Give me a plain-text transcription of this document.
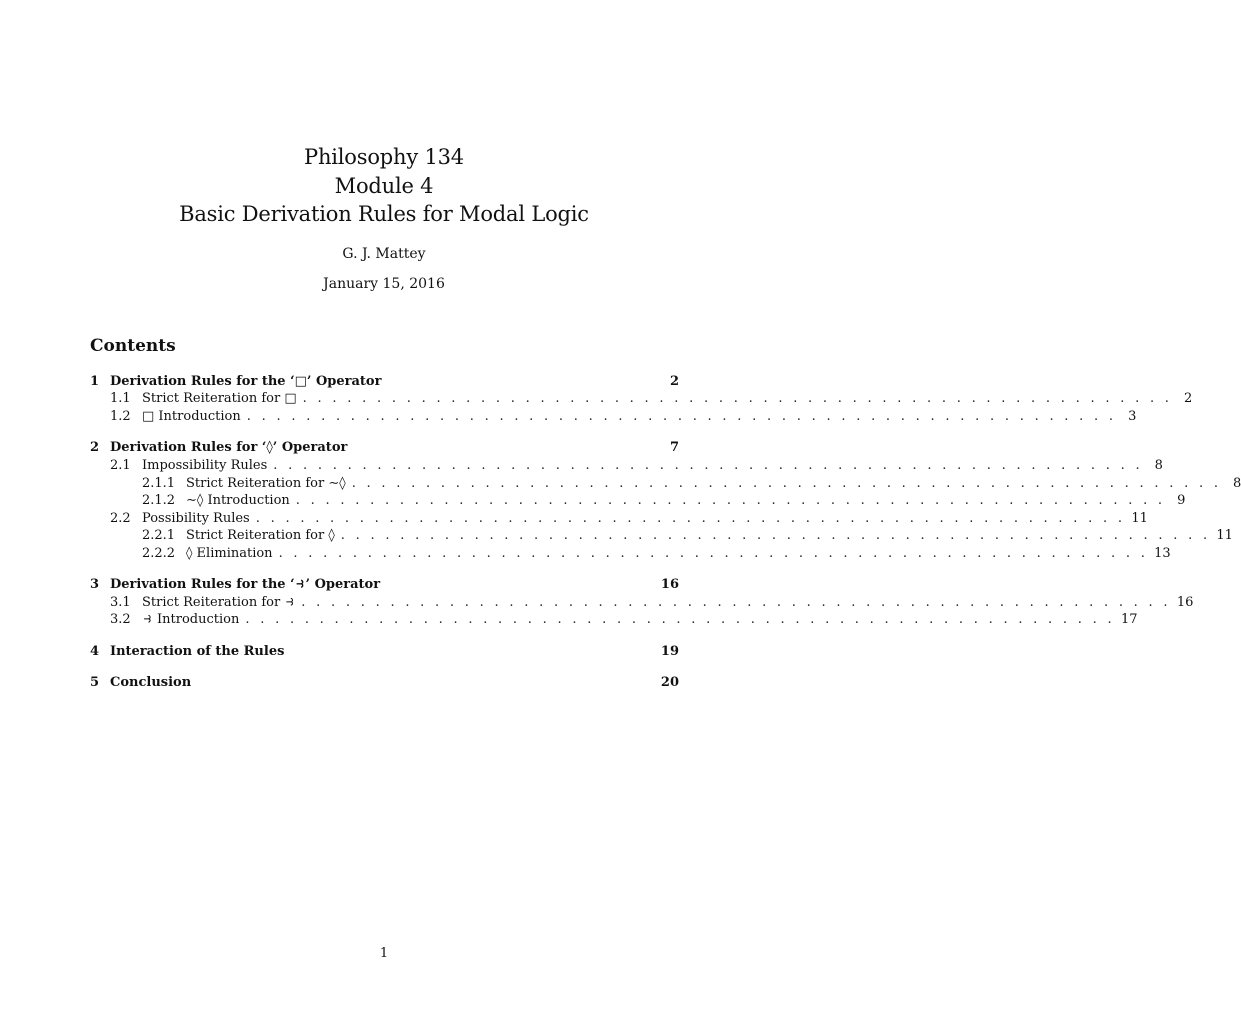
Philosophy 134
Module 4
Basic Derivation Rules for Modal Logic
G. J. Mattey
January 15, 2016
Contents
1 Derivation Rules for the ‘□’ Operator	2
1.1 Strict Reiteration for □ . . . . . . . . . . . . . . . . . . . . . . . . . . . . . . . . . . . . . . . . . . . . . . . . . . . . . . . . . . . 2
1.2 □ Introduction . . . . . . . . . . . . . . . . . . . . . . . . . . . . . . . . . . . . . . . . . . . . . . . . . . . . . . . . . . . 3
2 Derivation Rules for ‘◊’ Operator	7
2.1 Impossibility Rules . . . . . . . . . . . . . . . . . . . . . . . . . . . . . . . . . . . . . . . . . . . . . . . . . . . . . . . . . . . 8
2.1.1 Strict Reiteration for ∼◊ . . . . . . . . . . . . . . . . . . . . . . . . . . . . . . . . . . . . . . . . . . . . . . . . . . . . . . . . . . . 8
2.1.2 ∼◊ Introduction . . . . . . . . . . . . . . . . . . . . . . . . . . . . . . . . . . . . . . . . . . . . . . . . . . . . . . . . . . . 9
2.2 Possibility Rules . . . . . . . . . . . . . . . . . . . . . . . . . . . . . . . . . . . . . . . . . . . . . . . . . . . . . . . . . . . 11
2.2.1 Strict Reiteration for ◊ . . . . . . . . . . . . . . . . . . . . . . . . . . . . . . . . . . . . . . . . . . . . . . . . . . . . . . . . . . . 11
2.2.2 ◊ Elimination . . . . . . . . . . . . . . . . . . . . . . . . . . . . . . . . . . . . . . . . . . . . . . . . . . . . . . . . . . . 13
3 Derivation Rules for the ‘⥽’ Operator	16
3.1 Strict Reiteration for ⥽ . . . . . . . . . . . . . . . . . . . . . . . . . . . . . . . . . . . . . . . . . . . . . . . . . . . . . . . . . . . 16
3.2 ⥽ Introduction . . . . . . . . . . . . . . . . . . . . . . . . . . . . . . . . . . . . . . . . . . . . . . . . . . . . . . . . . . . 17
4 Interaction of the Rules	19
5 Conclusion	20
1
